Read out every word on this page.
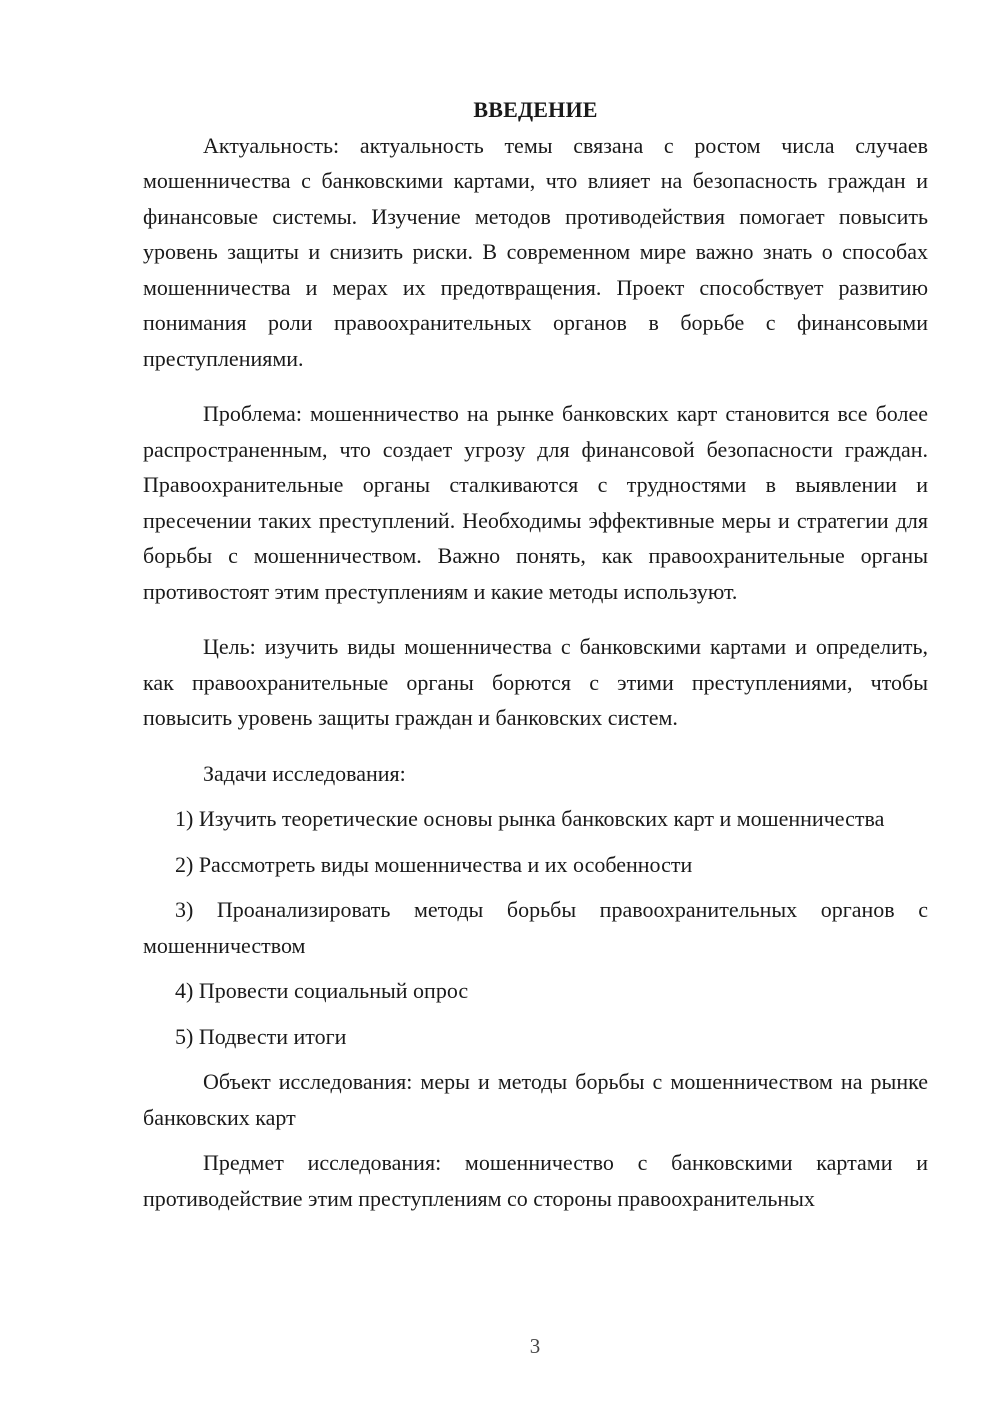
ВВЕДЕНИЕ

Актуальность: актуальность темы связана с ростом числа случаев мошенничества с банковскими картами, что влияет на безопасность граждан и финансовые системы. Изучение методов противодействия помогает повысить уровень защиты и снизить риски. В современном мире важно знать о способах мошенничества и мерах их предотвращения. Проект способствует развитию понимания роли правоохранительных органов в борьбе с финансовыми преступлениями.

Проблема: мошенничество на рынке банковских карт становится все более распространенным, что создает угрозу для финансовой безопасности граждан. Правоохранительные органы сталкиваются с трудностями в выявлении и пресечении таких преступлений. Необходимы эффективные меры и стратегии для борьбы с мошенничеством. Важно понять, как правоохранительные органы противостоят этим преступлениям и какие методы используют.

Цель: изучить виды мошенничества с банковскими картами и определить, как правоохранительные органы борются с этими преступлениями, чтобы повысить уровень защиты граждан и банковских систем.

Задачи исследования:

1) Изучить теоретические основы рынка банковских карт и мошенничества

2) Рассмотреть виды мошенничества и их особенности

3) Проанализировать методы борьбы правоохранительных органов с мошенничеством

4) Провести социальный опрос

5) Подвести итоги

Объект исследования: меры и методы борьбы с мошенничеством на рынке банковских карт

Предмет исследования: мошенничество с банковскими картами и противодействие этим преступлениям со стороны правоохранительных

3
